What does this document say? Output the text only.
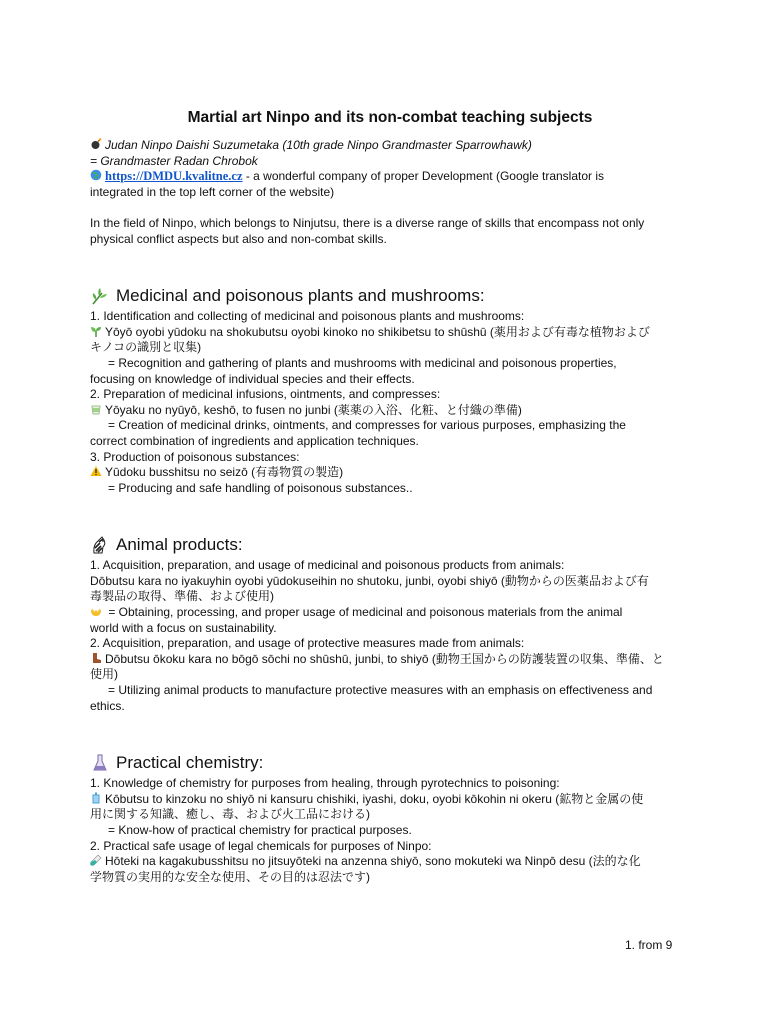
Martial art Ninpo and its non-combat teaching subjects

Judan Ninpo Daishi Suzumetaka (10th grade Ninpo Grandmaster Sparrowhawk)

= Grandmaster Radan Chrobok

https://DMDU.kvalitne.cz - a wonderful company of proper Development (Google translator is

integrated in the top left corner of the website)

In the field of Ninpo, which belongs to Ninjutsu, there is a diverse range of skills that encompass not only

physical conflict aspects but also and non-combat skills.

Medicinal and poisonous plants and mushrooms:

1. Identification and collecting of medicinal and poisonous plants and mushrooms:

Yōyō oyobi yūdoku na shokubutsu oyobi kinoko no shikibetsu to shūshū (薬用および有毒な植物および

キノコの識別と収集)

= Recognition and gathering of plants and mushrooms with medicinal and poisonous properties,

focusing on knowledge of individual species and their effects.

2. Preparation of medicinal infusions, ointments, and compresses:

Yōyaku no nyūyō, keshō, to fusen no junbi (薬薬の入浴、化粧、と付織の準備)

= Creation of medicinal drinks, ointments, and compresses for various purposes, emphasizing the

correct combination of ingredients and application techniques.

3. Production of poisonous substances:

Yūdoku busshitsu no seizō (有毒物質の製造)

= Producing and safe handling of poisonous substances..

Animal products:

1. Acquisition, preparation, and usage of medicinal and poisonous products from animals:

Dōbutsu kara no iyakuyhin oyobi yūdokuseihin no shutoku, junbi, oyobi shiyō (動物からの医薬品および有

毒製品の取得、準備、および使用)

= Obtaining, processing, and proper usage of medicinal and poisonous materials from the animal

world with a focus on sustainability.

2. Acquisition, preparation, and usage of protective measures made from animals:

Dōbutsu ōkoku kara no bōgō sōchi no shūshū, junbi, to shiyō (動物王国からの防護装置の収集、準備、と

使用)

= Utilizing animal products to manufacture protective measures with an emphasis on effectiveness and

ethics.

Practical chemistry:

1. Knowledge of chemistry for purposes from healing, through pyrotechnics to poisoning:

Kōbutsu to kinzoku no shiyō ni kansuru chishiki, iyashi, doku, oyobi kōkohin ni okeru (鉱物と金属の使

用に関する知識、癒し、毒、および火工品における)

= Know-how of practical chemistry for practical purposes.

2. Practical safe usage of legal chemicals for purposes of Ninpo:

Hōteki na kagakubusshitsu no jitsuyōteki na anzenna shiyō, sono mokuteki wa Ninpō desu (法的な化

学物質の実用的な安全な使用、その目的は忍法です)

1. from 9
